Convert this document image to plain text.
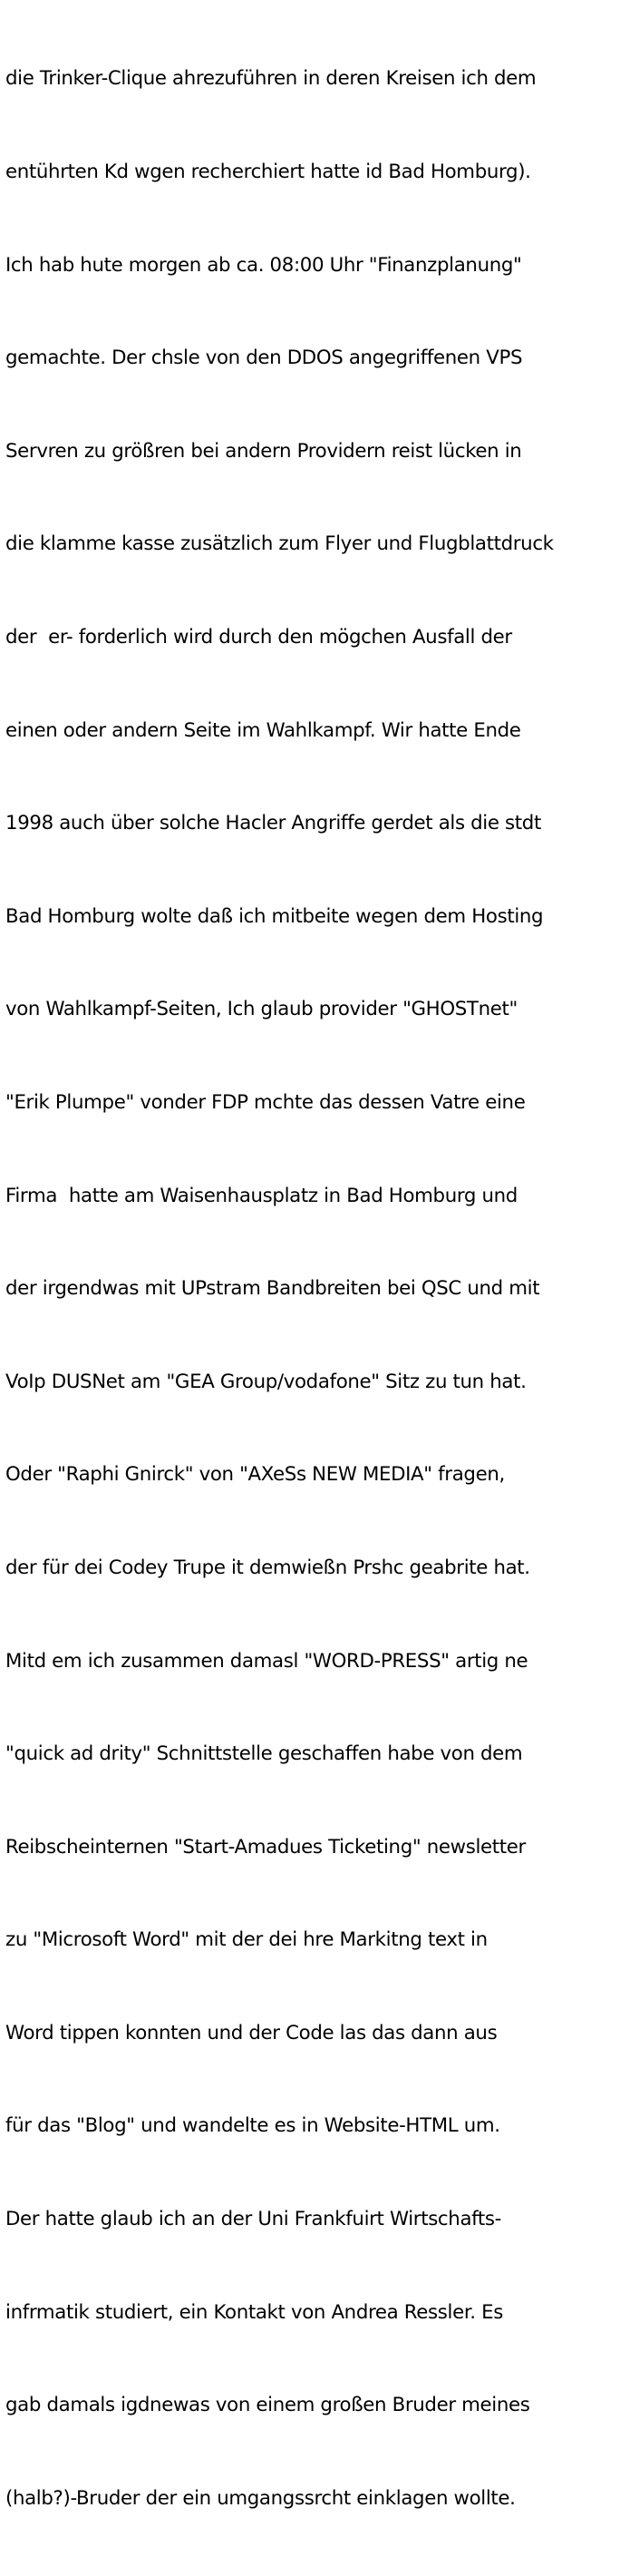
die Trinker-Clique ahrezuführen in deren Kreisen ich dem

entührten Kd wgen recherchiert hatte id Bad Homburg).

Ich hab hute morgen ab ca. 08:00 Uhr "Finanzplanung"

gemachte. Der chsle von den DDOS angegriffenen VPS

Servren zu größren bei andern Providern reist lücken in

die klamme kasse zusätzlich zum Flyer und Flugblattdruck

der  er- forderlich wird durch den mögchen Ausfall der

einen oder andern Seite im Wahlkampf. Wir hatte Ende

1998 auch über solche Hacler Angriffe gerdet als die stdt

Bad Homburg wolte daß ich mitbeite wegen dem Hosting

von Wahlkampf-Seiten, Ich glaub provider "GHOSTnet"

"Erik Plumpe" vonder FDP mchte das dessen Vatre eine

Firma  hatte am Waisenhausplatz in Bad Homburg und

der irgendwas mit UPstram Bandbreiten bei QSC und mit

VoIp DUSNet am "GEA Group/vodafone" Sitz zu tun hat.

Oder "Raphi Gnirck" von "AXeSs NEW MEDIA" fragen,

der für dei Codey Trupe it demwießn Prshc geabrite hat.

Mitd em ich zusammen damasl "WORD-PRESS" artig ne

"quick ad drity" Schnittstelle geschaffen habe von dem

Reibscheinternen "Start-Amadues Ticketing" newsletter

zu "Microsoft Word" mit der dei hre Markitng text in

Word tippen konnten und der Code las das dann aus

für das "Blog" und wandelte es in Website-HTML um.

Der hatte glaub ich an der Uni Frankfuirt Wirtschafts-

infrmatik studiert, ein Kontakt von Andrea Ressler. Es

gab damals igdnewas von einem großen Bruder meines

(halb?)-Bruder der ein umgangssrcht einklagen wollte.
